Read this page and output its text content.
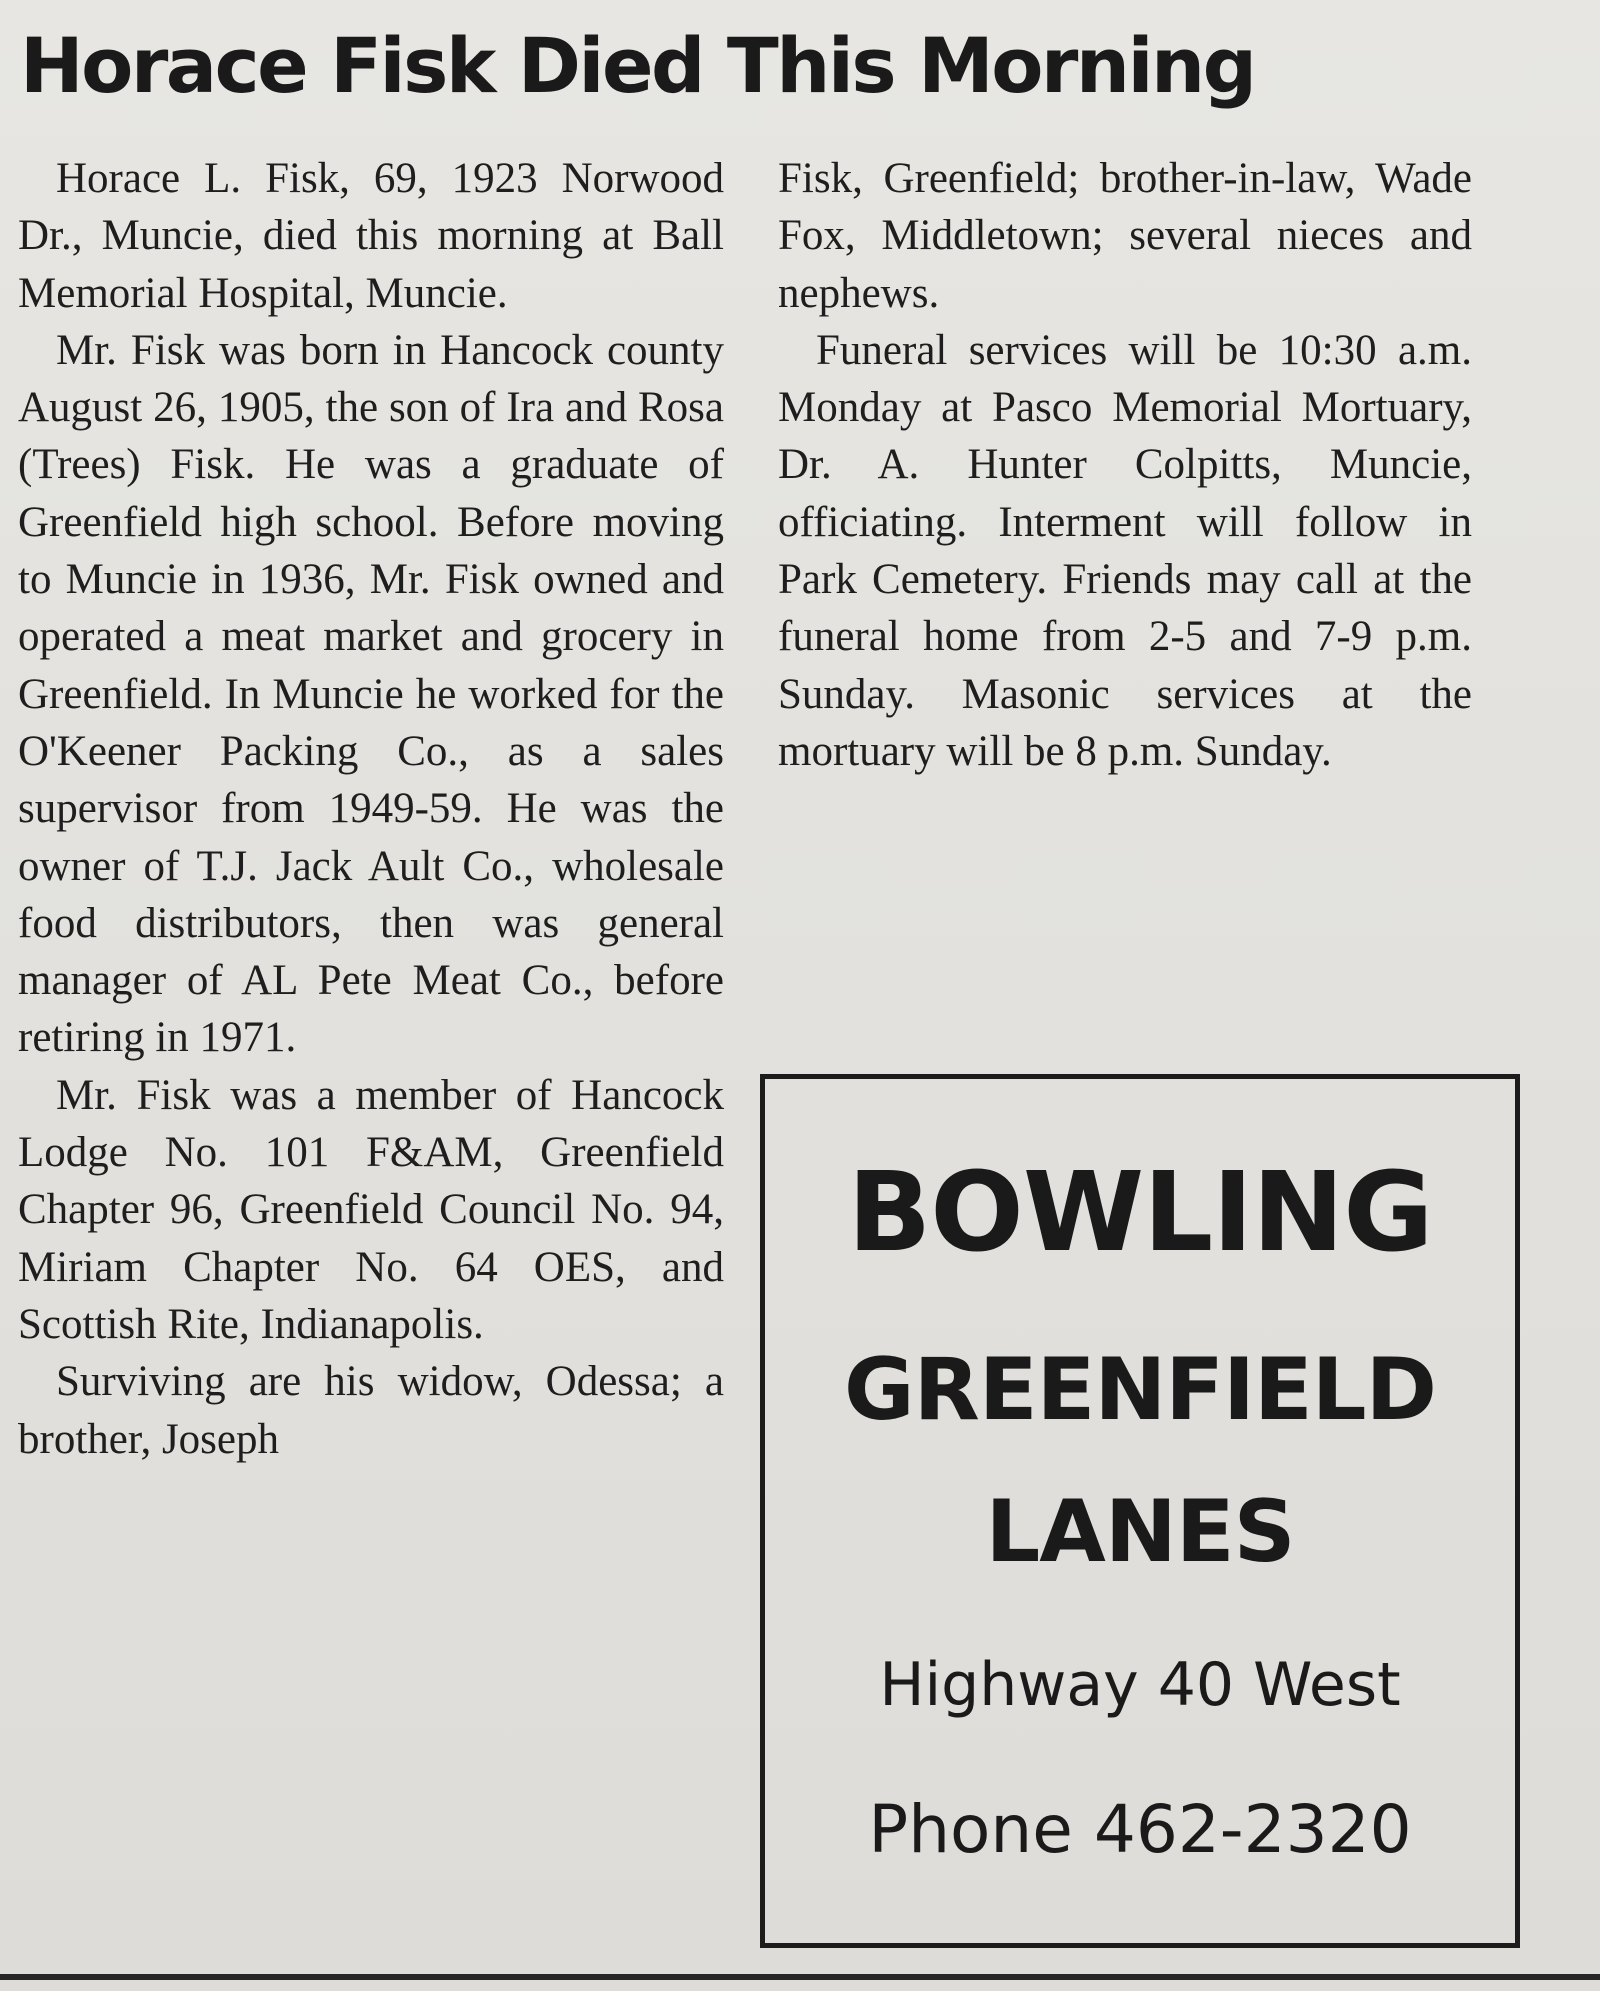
Horace Fisk Died This Morning

Horace L. Fisk, 69, 1923 Norwood Dr., Muncie, died this morning at Ball Memorial Hospital, Muncie.

Mr. Fisk was born in Hancock county August 26, 1905, the son of Ira and Rosa (Trees) Fisk. He was a graduate of Greenfield high school. Before moving to Muncie in 1936, Mr. Fisk owned and operated a meat market and grocery in Greenfield. In Muncie he worked for the O'Keener Packing Co., as a sales supervisor from 1949-59. He was the owner of T.J. Jack Ault Co., wholesale food distributors, then was general manager of AL Pete Meat Co., before retiring in 1971.

Mr. Fisk was a member of Hancock Lodge No. 101 F&AM, Greenfield Chapter 96, Greenfield Council No. 94, Miriam Chapter No. 64 OES, and Scottish Rite, Indianapolis.

Surviving are his widow, Odessa; a brother, Joseph

Fisk, Greenfield; brother-in-law, Wade Fox, Middletown; several nieces and nephews.

Funeral services will be 10:30 a.m. Monday at Pasco Memorial Mortuary, Dr. A. Hunter Colpitts, Muncie, officiating. Interment will follow in Park Cemetery. Friends may call at the funeral home from 2-5 and 7-9 p.m. Sunday. Masonic services at the mortuary will be 8 p.m. Sunday.

BOWLING
GREENFIELD
LANES
Highway 40 West
Phone 462-2320
